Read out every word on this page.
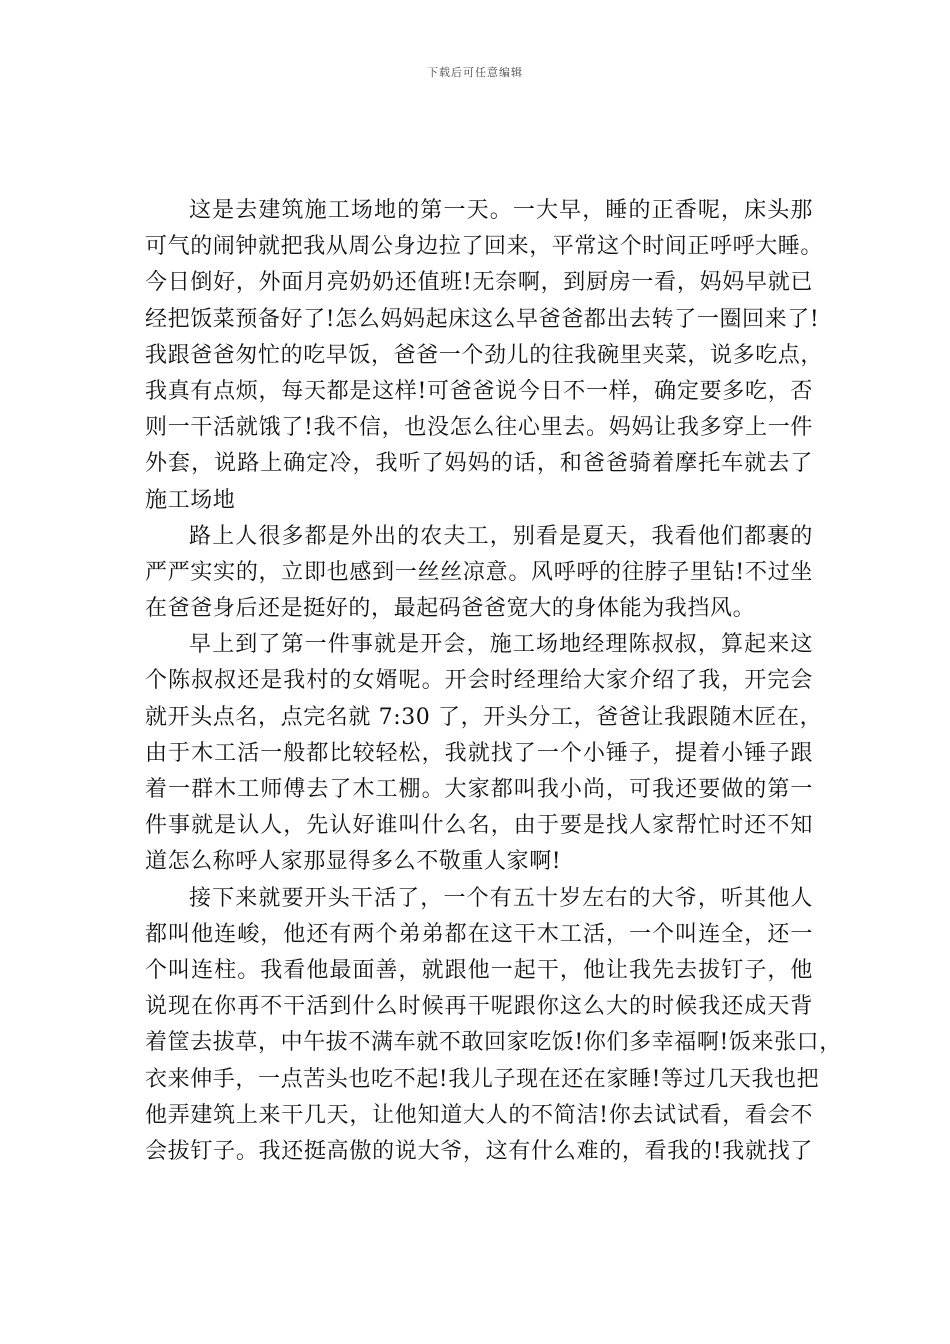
下载后可任意编辑
这是去建筑施工场地的第一天。一大早，睡的正香呢，床头那
可气的闹钟就把我从周公身边拉了回来，平常这个时间正呼呼大睡。
今日倒好，外面月亮奶奶还值班!无奈啊，到厨房一看，妈妈早就已
经把饭菜预备好了!怎么妈妈起床这么早爸爸都出去转了一圈回来了!
我跟爸爸匆忙的吃早饭，爸爸一个劲儿的往我碗里夹菜，说多吃点，
我真有点烦，每天都是这样!可爸爸说今日不一样，确定要多吃，否
则一干活就饿了!我不信，也没怎么往心里去。妈妈让我多穿上一件
外套，说路上确定冷，我听了妈妈的话，和爸爸骑着摩托车就去了
施工场地
路上人很多都是外出的农夫工，别看是夏天，我看他们都裹的
严严实实的，立即也感到一丝丝凉意。风呼呼的往脖子里钻!不过坐
在爸爸身后还是挺好的，最起码爸爸宽大的身体能为我挡风。
早上到了第一件事就是开会，施工场地经理陈叔叔，算起来这
个陈叔叔还是我村的女婿呢。开会时经理给大家介绍了我，开完会
就开头点名，点完名就 7:30 了，开头分工，爸爸让我跟随木匠在，
由于木工活一般都比较轻松，我就找了一个小锤子，提着小锤子跟
着一群木工师傅去了木工棚。大家都叫我小尚，可我还要做的第一
件事就是认人，先认好谁叫什么名，由于要是找人家帮忙时还不知
道怎么称呼人家那显得多么不敬重人家啊!
接下来就要开头干活了，一个有五十岁左右的大爷，听其他人
都叫他连峻，他还有两个弟弟都在这干木工活，一个叫连全，还一
个叫连柱。我看他最面善，就跟他一起干，他让我先去拔钉子，他
说现在你再不干活到什么时候再干呢跟你这么大的时候我还成天背
着筐去拔草，中午拔不满车就不敢回家吃饭!你们多幸福啊!饭来张口，
衣来伸手，一点苦头也吃不起!我儿子现在还在家睡!等过几天我也把
他弄建筑上来干几天，让他知道大人的不简洁!你去试试看，看会不
会拔钉子。我还挺高傲的说大爷，这有什么难的，看我的!我就找了
